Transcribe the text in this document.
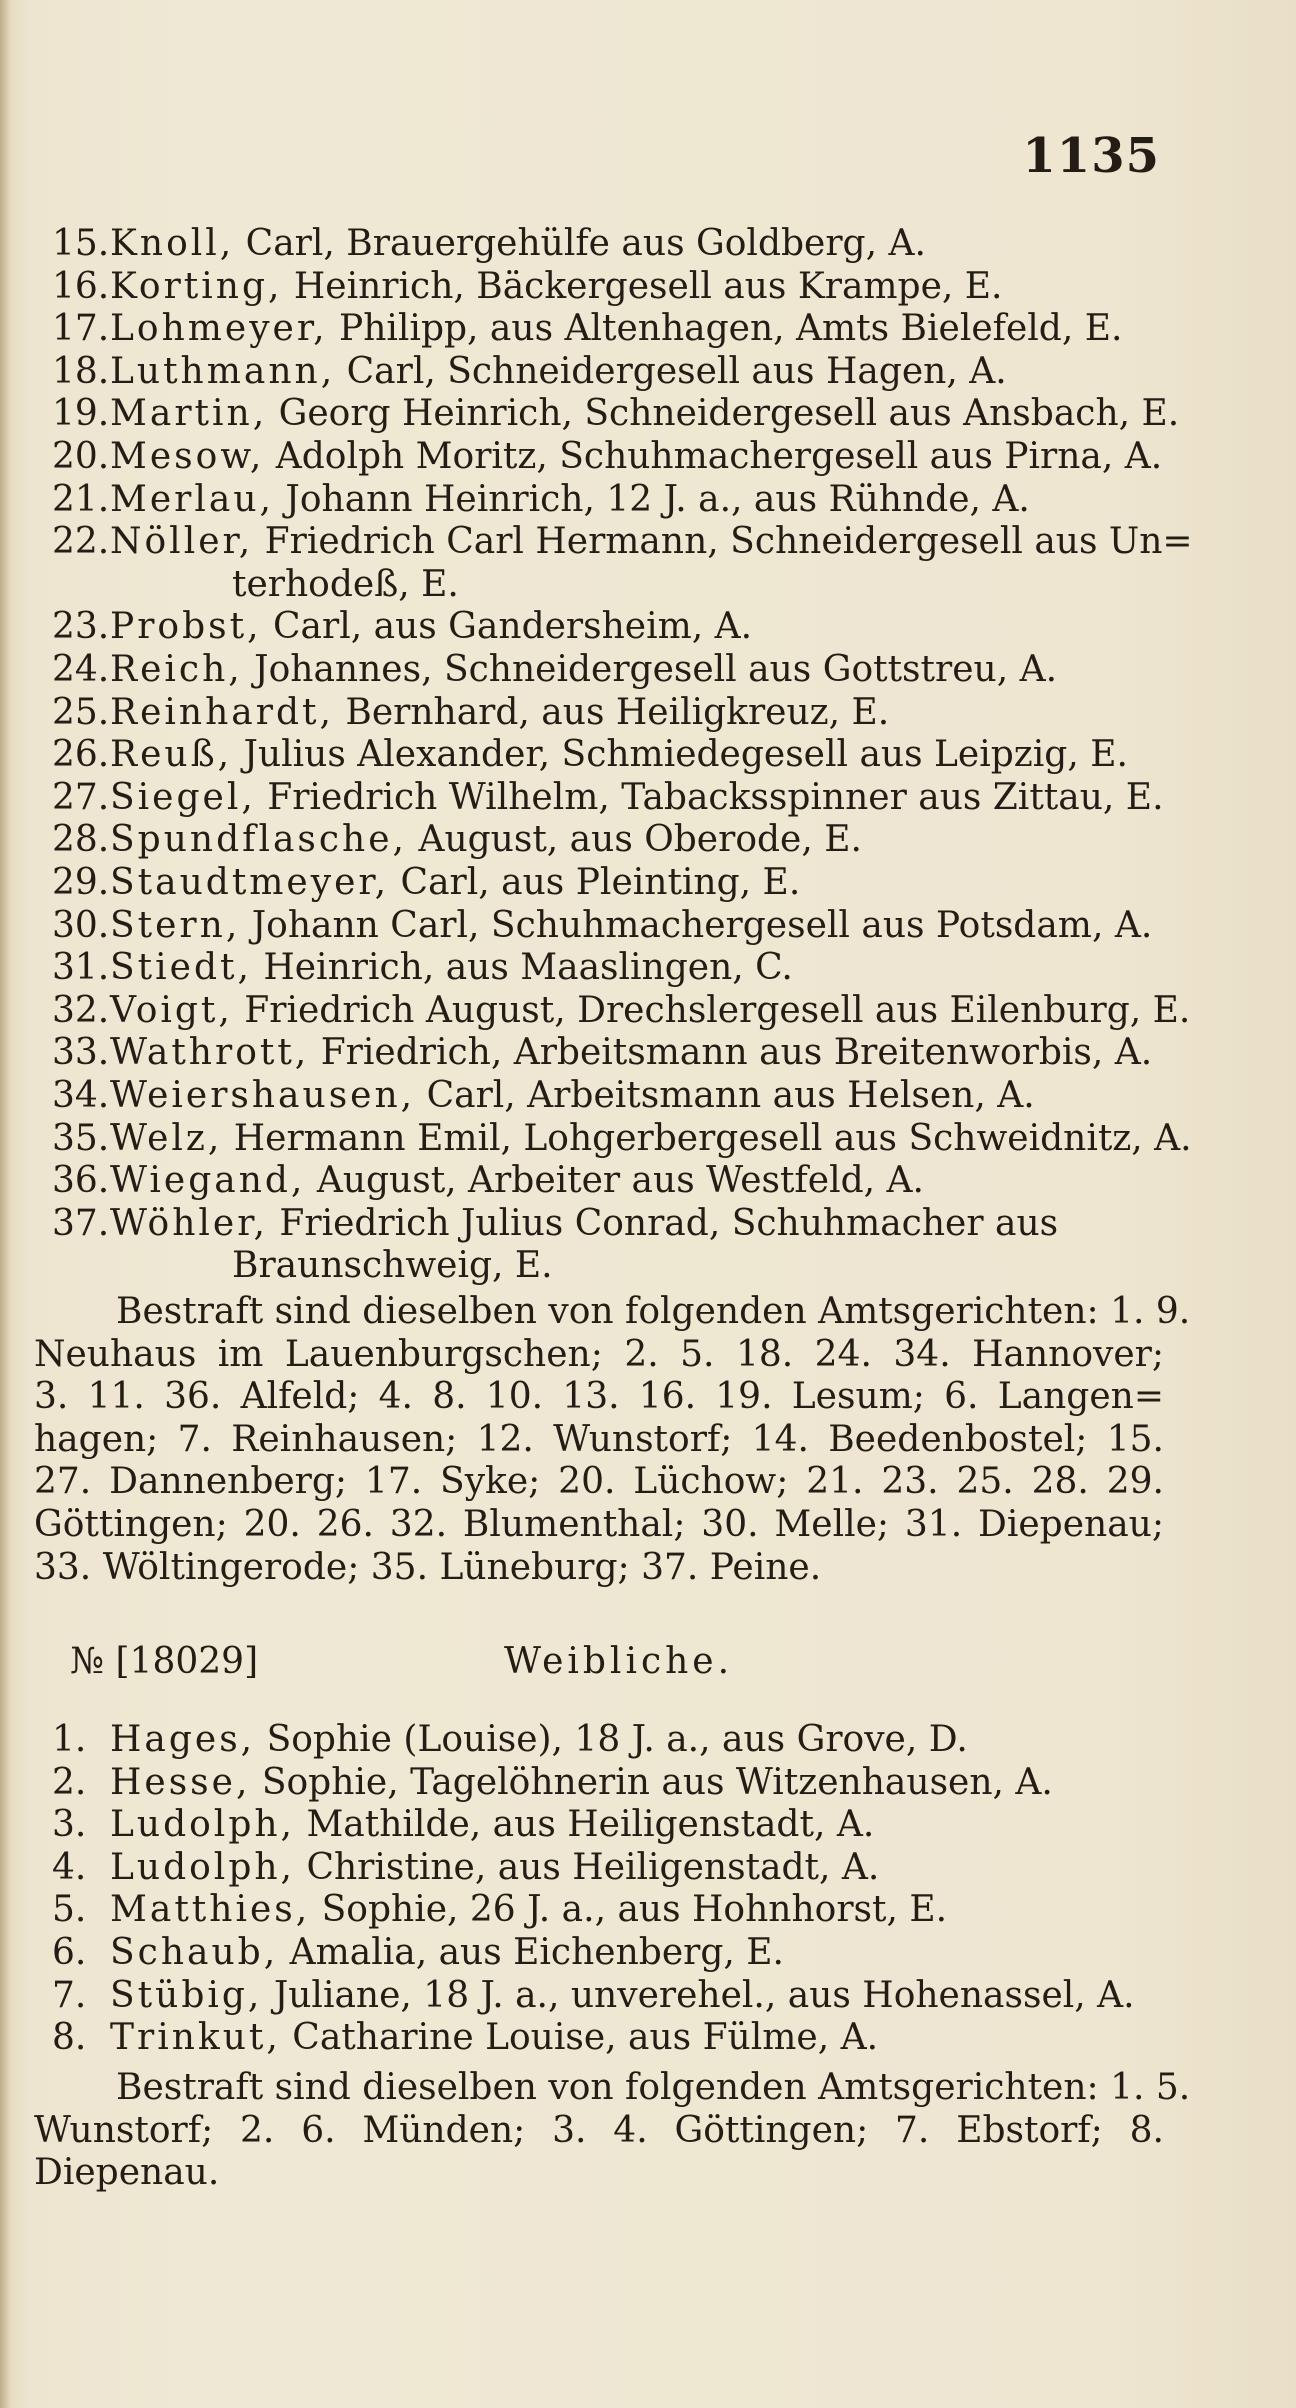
1135
15.Knoll, Carl, Brauergehülfe aus Goldberg, A.
16.Korting, Heinrich, Bäckergesell aus Krampe, E.
17.Lohmeyer, Philipp, aus Altenhagen, Amts Bielefeld, E.
18.Luthmann, Carl, Schneidergesell aus Hagen, A.
19.Martin, Georg Heinrich, Schneidergesell aus Ansbach, E.
20.Mesow, Adolph Moritz, Schuhmachergesell aus Pirna, A.
21.Merlau, Johann Heinrich, 12 J. a., aus Rühnde, A.
22.Nöller, Friedrich Carl Hermann, Schneidergesell aus Un=
terhodeß, E.
23.Probst, Carl, aus Gandersheim, A.
24.Reich, Johannes, Schneidergesell aus Gottstreu, A.
25.Reinhardt, Bernhard, aus Heiligkreuz, E.
26.Reuß, Julius Alexander, Schmiedegesell aus Leipzig, E.
27.Siegel, Friedrich Wilhelm, Tabacksspinner aus Zittau, E.
28.Spundflasche, August, aus Oberode, E.
29.Staudtmeyer, Carl, aus Pleinting, E.
30.Stern, Johann Carl, Schuhmachergesell aus Potsdam, A.
31.Stiedt, Heinrich, aus Maaslingen, C.
32.Voigt, Friedrich August, Drechslergesell aus Eilenburg, E.
33.Wathrott, Friedrich, Arbeitsmann aus Breitenworbis, A.
34.Weiershausen, Carl, Arbeitsmann aus Helsen, A.
35.Welz, Hermann Emil, Lohgerbergesell aus Schweidnitz, A.
36.Wiegand, August, Arbeiter aus Westfeld, A.
37.Wöhler, Friedrich Julius Conrad, Schuhmacher aus
Braunschweig, E.
Bestraft sind dieselben von folgenden Amtsgerichten: 1. 9.
Neuhaus im Lauenburgschen; 2. 5. 18. 24. 34. Hannover;
3. 11. 36. Alfeld; 4. 8. 10. 13. 16. 19. Lesum; 6. Langen=
hagen; 7. Reinhausen; 12. Wunstorf; 14. Beedenbostel; 15.
27. Dannenberg; 17. Syke; 20. Lüchow; 21. 23. 25. 28. 29.
Göttingen; 20. 26. 32. Blumenthal; 30. Melle; 31. Diepenau;
33. Wöltingerode; 35. Lüneburg; 37. Peine.
№ [18029]	Weibliche.
1. Hages, Sophie (Louise), 18 J. a., aus Grove, D.
2. Hesse, Sophie, Tagelöhnerin aus Witzenhausen, A.
3. Ludolph, Mathilde, aus Heiligenstadt, A.
4. Ludolph, Christine, aus Heiligenstadt, A.
5. Matthies, Sophie, 26 J. a., aus Hohnhorst, E.
6. Schaub, Amalia, aus Eichenberg, E.
7. Stübig, Juliane, 18 J. a., unverehel., aus Hohenassel, A.
8. Trinkut, Catharine Louise, aus Fülme, A.
Bestraft sind dieselben von folgenden Amtsgerichten: 1. 5.
Wunstorf; 2. 6. Münden; 3. 4. Göttingen; 7. Ebstorf; 8.
Diepenau.
